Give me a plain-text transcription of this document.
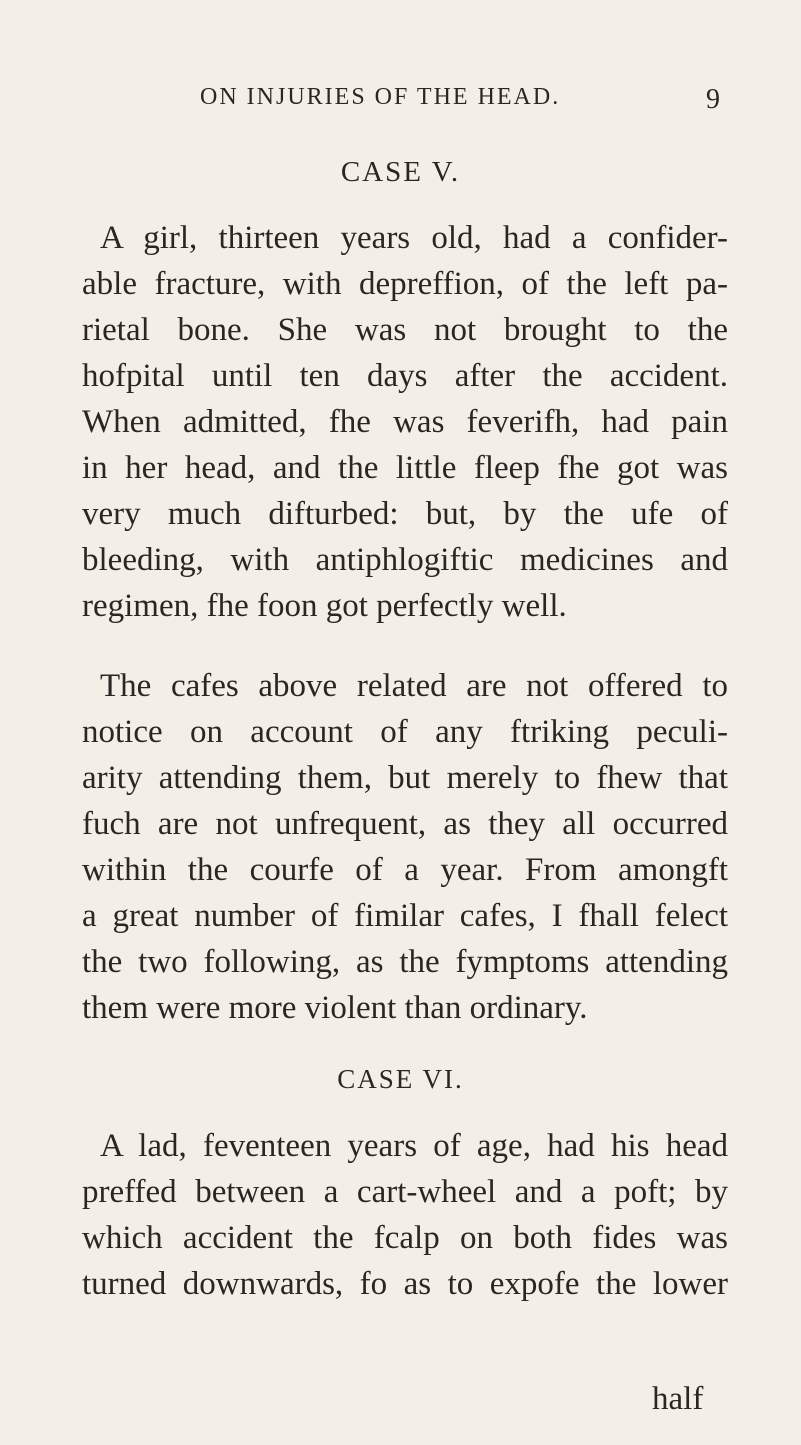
ON INJURIES OF THE HEAD.	9
CASE V.
A girl, thirteen years old, had a confider-
able fracture, with depreffion, of the left pa-
rietal bone. She was not brought to the
hofpital until ten days after the accident.
When admitted, fhe was feverifh, had pain
in her head, and the little fleep fhe got was
very much difturbed: but, by the ufe of
bleeding, with antiphlogiftic medicines and
regimen, fhe foon got perfectly well.
The cafes above related are not offered to
notice on account of any ftriking peculi-
arity attending them, but merely to fhew that
fuch are not unfrequent, as they all occurred
within the courfe of a year. From amongft
a great number of fimilar cafes, I fhall felect
the two following, as the fymptoms attending
them were more violent than ordinary.
CASE VI.
A lad, feventeen years of age, had his head
preffed between a cart-wheel and a poft; by
which accident the fcalp on both fides was
turned downwards, fo as to expofe the lower
half
